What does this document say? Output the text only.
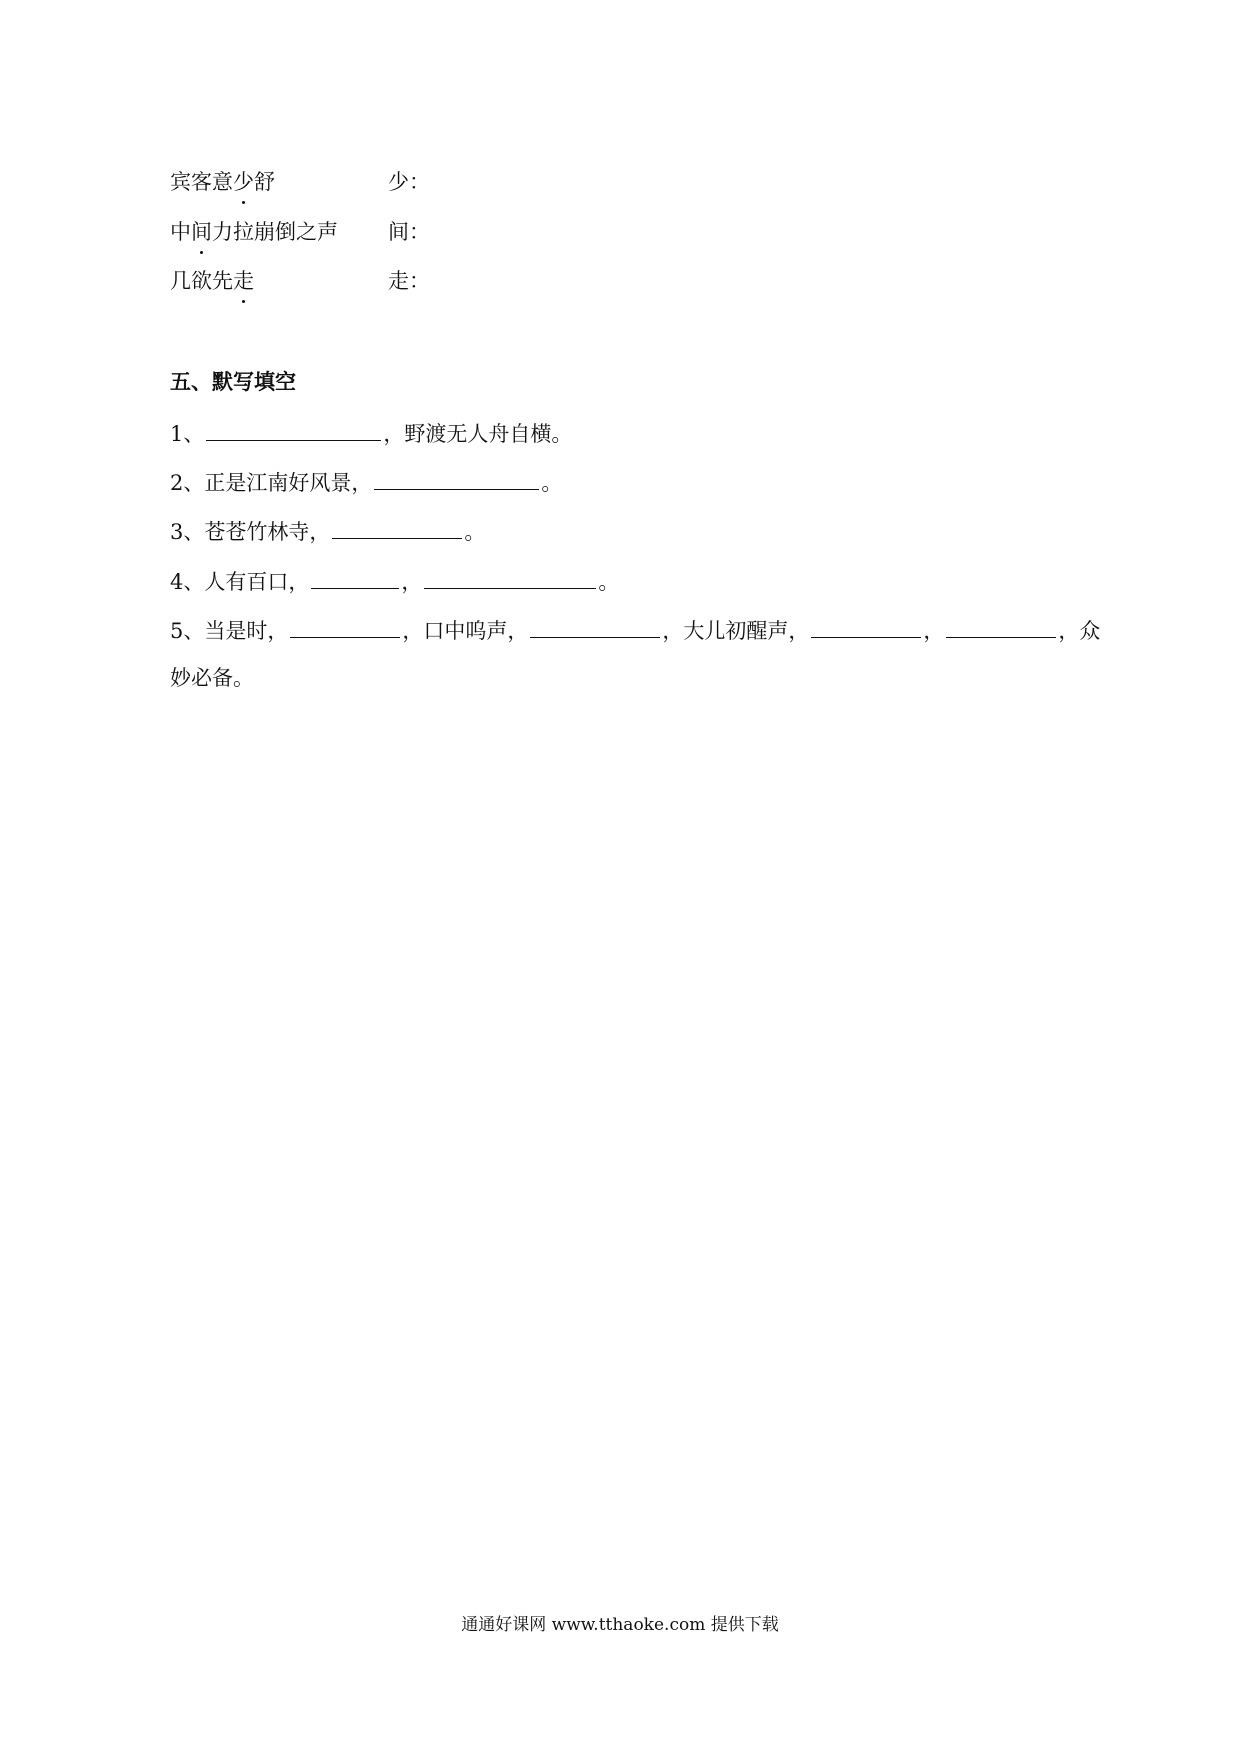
宾客意少舒	少：
中间力拉崩倒之声 间：
几欲先走	走：
五、默写填空
1、	，野渡无人舟自横。
2、正是江南好风景，	。
3、苍苍竹林寺，	。
4、人有百口，	，	。
5、当是时，	，口中呜声，	，大儿初醒声，	，	，众
妙必备。
通通好课网 www.tthaoke.com 提供下载
